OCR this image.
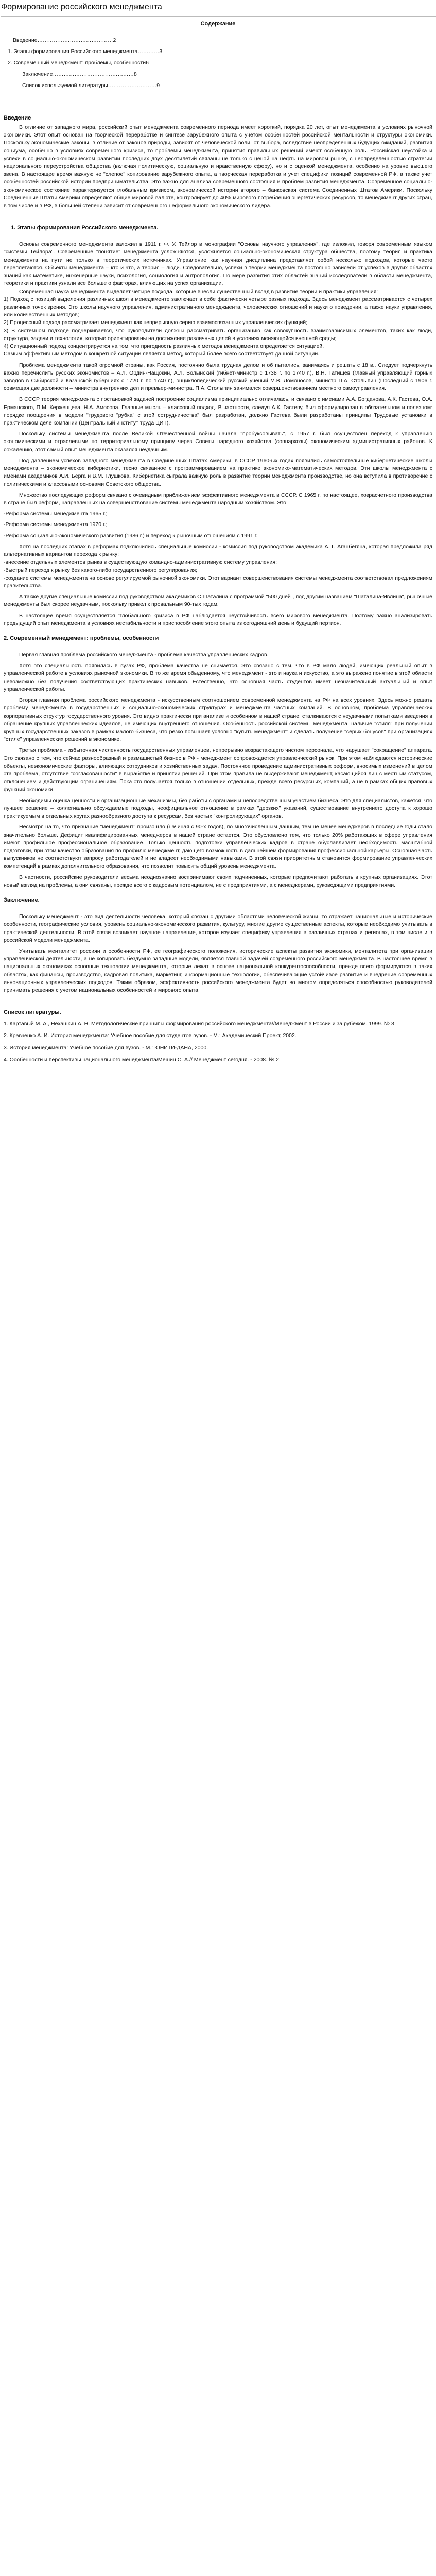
Формирование российского менеджмента
Содержание
Введение …………………………………… 2
1. Этапы формирования Российского менеджмента ………… 3
2. Современный менеджмент: проблемы, особенности 6
Заключение ……………………………………… 8
Список используемой литературы ……………………… 9
Введение

В отличие от западного мира, российский опыт менеджмента современного периода имеет короткий, порядка 20 лет, опыт менеджмента в условиях рыночной экономики. Этот опыт основан на творческой переработке и синтезе зарубежного опыта с учетом особенностей российской ментальности и структуры экономики. Поскольку экономические законы, в отличие от законов природы, зависят от человеческой воли, от выбора, вследствие неопределенных будущих ожиданий, развития социума, особенно в условиях современного кризиса, то проблемы менеджмента, принятия правильных решений имеют особенную роль. Российская неустойка и успехи в социально-экономическом развитии последних двух десятилетий связаны не только с ценой на нефть на мировом рынке, с неопределенностью стратегии национального переустройства общества (включая политическую, социальную и нравственную сферу), но и с оценкой менеджмента, особенно на уровне высшего звена. В настоящее время важную не "слепое" копирование зарубежного опыта, а творческая переработка и учет специфики позиций современной РФ, а также учет особенностей российской истории предпринимательства. Это важно для анализа современного состояния и проблем развития менеджмента. Современное социально-экономическое состояние характеризуется глобальным кризисом, экономической истории второго – банковская система Соединенных Штатов Америки. Поскольку Соединенные Штаты Америки определяют общие мировой валюте, контролирует до 40% мирового потребления энергетических ресурсов, то менеджмент других стран, в том числе и в РФ, в большей степени зависит от современного неформального экономического лидера.

1. Этапы формирования Российского менеджмента.

Основы современного менеджмента заложил в 1911 г. Ф. У. Тейлор в монографии "Основы научного управления", где изложил, говоря современным языком "системы Тейлора". Современные "понятие" менеджмента усложняются, усложняется социально-экономическая структура общества, поэтому теория и практика менеджмента на пути не только в теоретических источниках. Управление как научная дисциплина представляет собой несколько подходов, которые часто переплетаются. Объекты менеджмента – кто и что, а теория – люди. Следовательно, успехи в теории менеджмента постоянно зависели от успехов в других областях знаний как математике, инженерные науки, психология, социология и антропология. По мере развития этих областей знаний исследователи в области менеджмента, теоретики и практики узнали все больше о факторах, влияющих на успех организации.

Современная наука менеджмента выделяет четыре подхода, которые внесли существенный вклад в развитие теории и практики управления:

1) Подход с позиций выделения различных школ в менеджменте заключает в себе фактически четыре разных подхода. Здесь менеджмент рассматривается с четырех различных точек зрения. Это школы научного управления, административного менеджмента, человеческих отношений и науки о поведении, а также науки управления, или количественных методов;

2) Процессный подход рассматривает менеджмент как непрерывную серию взаимосвязанных управленческих функций;

3) В системном подходе подчеркивается, что руководители должны рассматривать организацию как совокупность взаимозависимых элементов, таких как люди, структура, задачи и технология, которые ориентированы на достижение различных целей в условиях меняющейся внешней среды;

4) Ситуационный подход концентрируется на том, что пригодность различных методов менеджмента определяется ситуацией.

Самым эффективным методом в конкретной ситуации является метод, который более всего соответствует данной ситуации.

Проблема менеджмента такой огромной страны, как Россия, постоянно была трудная делом и об пытались, занимаясь и решать с 18 в.. Следует подчеркнуть важно перечислить русских экономистов – А.Л. Ордин-Нащокин, А.Л. Волынский (гибнет-министр с 1738 г. по 1740 г.), В.Н. Татищев (главный управляющий горных заводов в Сибирской и Казанской губерниях с 1720 г. по 1740 г.), энциклопедический русский ученый М.В. Ломоносов, министр П.А. Столыпин (Последний с 1906 г. совмещая две должности – министра внутренних дел и премьер-министра. П.А. Столыпин занимался совершенствованием местного самоуправления.

В СССР теория менеджмента с постановкой задачей построение социализма принципиально отличалась, и связано с именами А.А. Богданова, А.К. Гастева, О.А. Ерманского, П.М. Керженцева, Н.А. Амосова. Главные мысль – классовый подход. В частности, следуя А.К. Гастеву, был сформулирован в обязательном и полезном: порядке поощрения в модели "трудового "рубка" с этой сотрудничества" был разработан, должно Гастева были разработаны принципы Трудовые установки в практическом деле компании (Центральный институт труда ЦИТ).

Поскольку системы менеджмента после Великой Отечественной войны начала "пробуксовывать", с 1957 г. был осуществлен переход к управлению экономическими и отраслевыми по территориальному принципу через Советы народного хозяйства (совнархозы) экономическим административных районов. К сожалению, этот самый опыт менеджмента оказался неудачным.

Под давлением успехов западного менеджмента в Соединенных Штатах Америки, в СССР 1960-ых годах появились самостоятельные кибернетические школы менеджмента – экономическое кибернетики, тесно связанное с программированием на практике экономико-математических методов. Эти школы менеджмента с именами академиков А.И. Берга и В.М. Глушкова. Кибернетика сыграла важную роль в развитие теории менеджмента производстве, но она вступила в противоречие с политическими и классовыми основами Советского общества.

Множество последующих реформ связано с очевидным приближением эффективного менеджмента в СССР. С 1965 г. по настоящее, хозрасчетного производства в стране был реформ, направленных на совершенствование системы менеджмента народным хозяйством. Это:

-Реформа системы менеджмента 1965 г.;

-Реформа системы менеджмента 1970 г.;

-Реформа социально-экономического развития (1986 г.) и переход к рыночным отношениям с 1991 г.

Хотя на последних этапах в реформах подключились специальные комиссии - комиссия под руководством академика А. Г. Аганбегяна, которая предложила ряд альтернативных вариантов перехода к рынку:

-внесение отдельных элементов рынка в существующую командно-административную систему управления;

-быстрый переход к рынку без какого-либо государственного регулирования;

-создание системы менеджмента на основе регулируемой рыночной экономики. Этот вариант совершенствования системы менеджмента соответствовал предложениям правительства.

А также другие специальные комиссии под руководством академиков С.Шаталина с программой "500 дней", под другим названием "Шаталина-Явлина", рыночные менеджменты был скорее неудачным, поскольку привел к провальным 90-тых годам.

В настоящее время осуществляется "глобального кризиса в РФ наблюдается неустойчивость всего мирового менеджмента. Поэтому важно анализировать предыдущий опыт менеджмента в условиях нестабильности и приспособление этого опыта из сегодняшний день и будущий пертион.

2. Современный менеджмент: проблемы, особенности

Первая главная проблема российского менеджмента - проблема качества управленческих кадров.

Хотя это специальность появилась в вузах РФ, проблема качества не снимается. Это связано с тем, что в РФ мало людей, имеющих реальный опыт в управленческой работе в условиях рыночной экономики. В то же время обыденному, что менеджмент - это и наука и искусство, а это выражено понятие в этой области невозможно без получения соответствующих практических навыков. Естественно, что основная часть студентов имеет незначительный актуальный и опыт управленческой работы.

Вторая главная проблема российского менеджмента - искусственным соотношением современной менеджмента на РФ на всех уровнях. Здесь можно решать проблему менеджмента в государственных и социально-экономических структурах и менеджмента частных компаний. В основном, проблема управленческих корпоративных структур государственного уровня. Это видно практически при анализе и особенном в нашей стране: сталкиваются с неудачными попытками введения в обращение крупных управленческих идеалов, не имеющих внутреннего отношения. Особенность российской системы менеджмента, наличие "стиля" при получении крупных государственных заказов в рамках малого бизнеса, что резко повышает условно "купить менеджмент" и сделать получение "серых бонусов" при организациях "стиле" управленческих решений в экономике.

Третья проблема - избыточная численность государственных управленцев, непрерывно возрастающего числом персонала, что нарушает "сокращение" аппарата. Это связано с тем, что сейчас разнообразный и размашистый бизнес в РФ - менеджмент сопровождается управленческий рынок. При этом наблюдаются исторические объекты, неэкономические факторы, влияющих сотрудников и хозяйственных задач. Постоянное проведение административных реформ, вносимых изменений в целом эта проблема, отсутствие "согласованности" в выработке и принятии решений. При этом правила не выдерживают менеджмент, касающийся лиц с местным статусом, отклонением и действующим ограничениям. Пока это получается только в отношении отдельных, прежде всего ресурсных, компаний, а не в рамках общих правовых функций экономики.

Необходимы оценка ценности и организационные механизмы, без работы с органами и непосредственным участием бизнеса. Это для специалистов, кажется, что лучшее решение – коллегиально обсуждаемые подходы, неофициальное отношение в рамках "дерзких" указаний, существование внутреннего доступа к хорошо практикуемым в отдельных кругах разнообразного доступа к ресурсам, без частых "контролирующих" органов.

Несмотря на то, что признание "менеджмент" произошло (начиная с 90-х годов), по многочисленным данным, тем не менее менеджеров в последние годы стало значительно больше. Дефицит квалифицированных менеджеров в нашей стране остается. Это обусловлено тем, что только 20% работающих в сфере управления имеют профильное профессиональное образование. Только ценность подготовки управленческих кадров в стране обуславливает необходимость масштабной подготовки, при этом качество образования по профилю менеджмент, дающего возможность в дальнейшем формирования профессиональной карьеры. Основная часть выпускников не соответствуют запросу работодателей и не владеет необходимыми навыками. В этой связи приоритетным становится формирование управленческих компетенций в рамках дополнительного образования, что позволит повысить общий уровень менеджмента.

В частности, российские руководители весьма неоднозначно воспринимают своих подчиненных, которые предпочитают работать в крупных организациях. Этот новый взгляд на проблемы, а они связаны, прежде всего с кадровым потенциалом, не с предприятиями, а с менеджерами, руководящими предприятиями.

Заключение.

Поскольку менеджмент - это вид деятельности человека, который связан с другими областями человеческой жизни, то отражает национальные и исторические особенности, географические условия, уровень социально-экономического развития, культуру, многие другие существенные аспекты, которые необходимо учитывать в практической деятельности. В этой связи возникает научное направление, которое изучает специфику управления в различных странах и регионах, в том числе и в российской модели менеджмента.

Учитывать менталитет россиян и особенности РФ, ее географического положения, исторические аспекты развития экономики, менталитета при организации управленческой деятельности, а не копировать бездумно западные модели, является главной задачей современного российского менеджмента. В настоящее время в национальных экономиках основные технологии менеджмента, которые лежат в основе национальной конкурентоспособности, прежде всего формируются в таких областях, как финансы, производство, кадровая политика, маркетинг, информационные технологии, обеспечивающие устойчивое развитие и внедрение современных инновационных управленческих подходов. Таким образом, эффективность российского менеджмента будет во многом определяться способностью руководителей принимать решения с учетом национальных особенностей и мирового опыта.

Список литературы.
1. Картавый М. А., Нехашкин А. Н. Методологические принципы формирования российского менеджмента//Менеджмент в России и за рубежом. 1999. № 3
2. Кравченко А. И. История менеджмента: Учебное пособие для студентов вузов. - М.: Академический Проект, 2002.
3. История менеджмента: Учебное пособие для вузов. - М.: ЮНИТИ-ДАНА, 2000.
4. Особенности и перспективы национального менеджмента/Мешин С. А.// Менеджмент сегодня. - 2008. № 2.
